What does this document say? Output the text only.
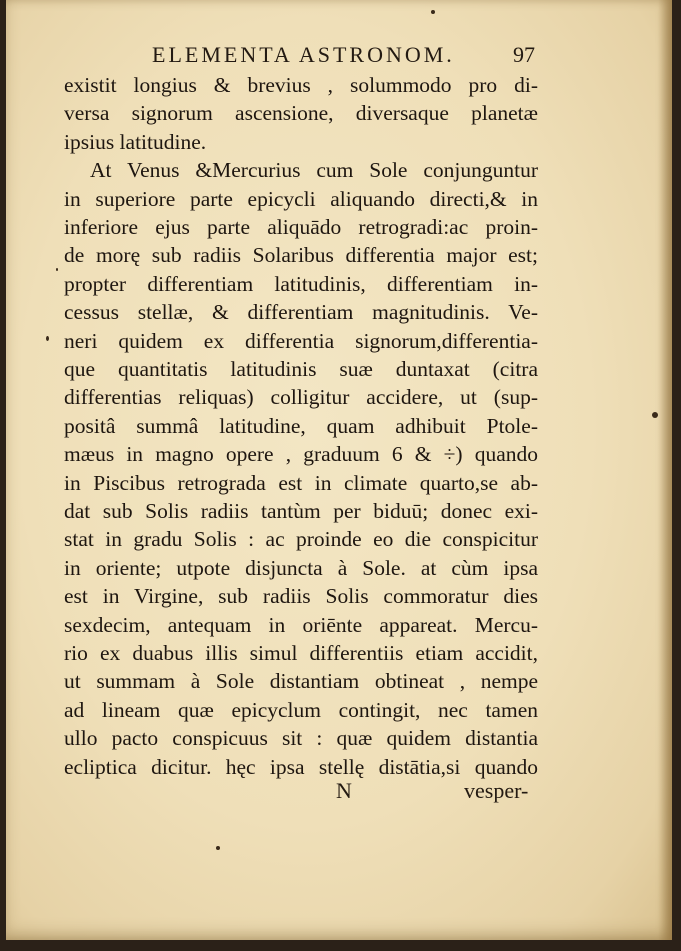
ELEMENTA ASTRONOM.	97
existit longius & brevius , solummodo pro di-
versa signorum ascensione, diversaque planetæ
ipsius latitudine.
At Venus &Mercurius cum Sole conjunguntur
in superiore parte epicycli aliquando directi,& in
inferiore ejus parte aliquādo retrogradi:ac proin-
de morę sub radiis Solaribus differentia major est;
propter differentiam latitudinis, differentiam in-
cessus stellæ, & differentiam magnitudinis. Ve-
neri quidem ex differentia signorum,differentia-
que quantitatis latitudinis suæ duntaxat (citra
differentias reliquas) colligitur accidere, ut (sup-
positâ summâ latitudine, quam adhibuit Ptole-
mæus in magno opere , graduum 6 & ÷) quando
in Piscibus retrograda est in climate quarto,se ab-
dat sub Solis radiis tantùm per biduū; donec exi-
stat in gradu Solis : ac proinde eo die conspicitur
in oriente; utpote disjuncta à Sole. at cùm ipsa
est in Virgine, sub radiis Solis commoratur dies
sexdecim, antequam in oriēnte appareat. Mercu-
rio ex duabus illis simul differentiis etiam accidit,
ut summam à Sole distantiam obtineat , nempe
ad lineam quæ epicyclum contingit, nec tamen
ullo pacto conspicuus sit : quæ quidem distantia
ecliptica dicitur. hęc ipsa stellę distātia,si quando
N	vesper-
